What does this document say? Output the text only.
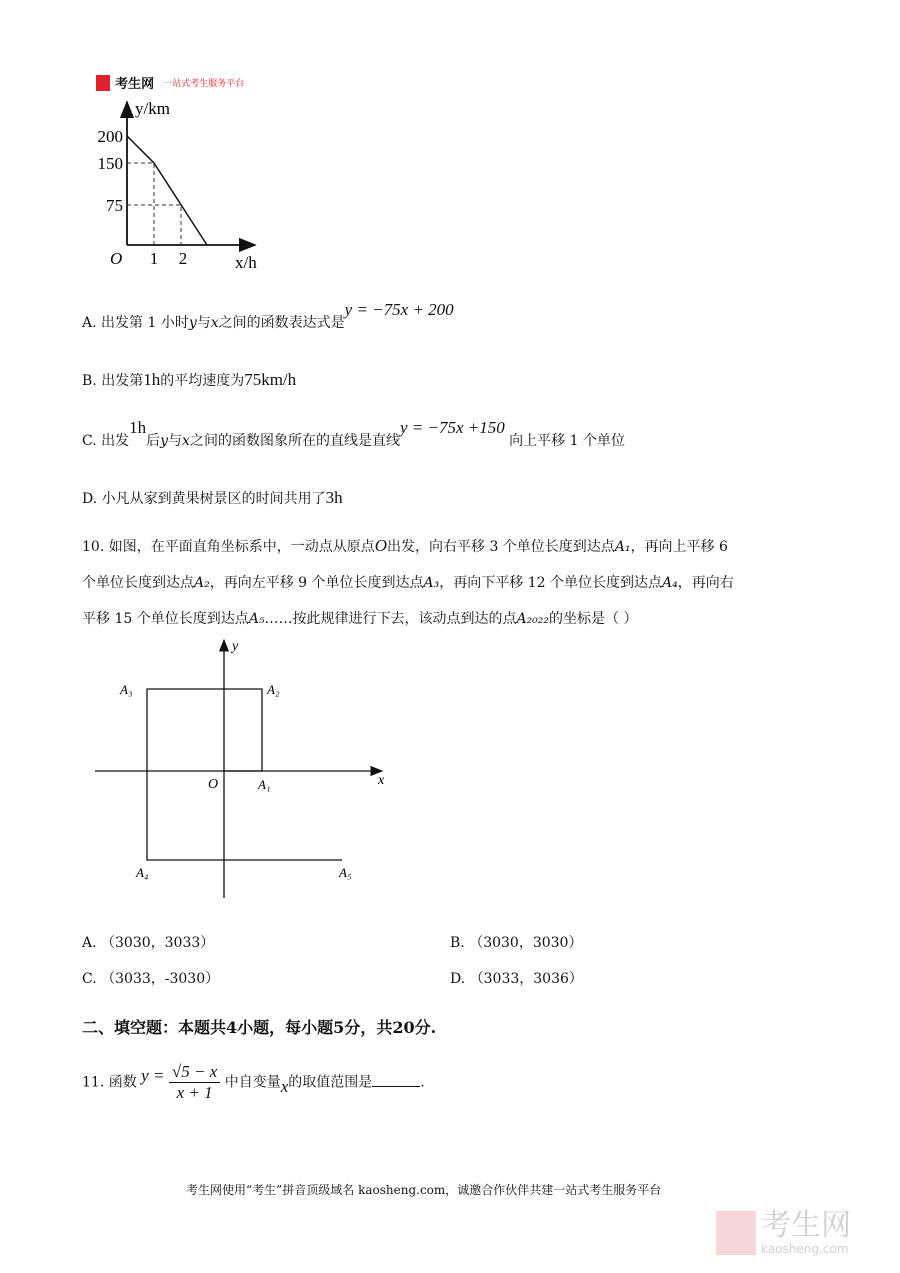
考生网 一站式考生服务平台
y/km
200
150
75
O 1 2	x/h
A. 出发第 1 小时y与x之间的函数表达式是y = −75x + 200
B. 出发第1h的平均速度为75km/h
C. 出发1h后y与x之间的函数图象所在的直线是直线y = −75x +150 向上平移 1 个单位
D. 小凡从家到黄果树景区的时间共用了3h
10. 如图，在平面直角坐标系中，一动点从原点O出发，向右平移 3 个单位长度到达点A₁，再向上平移 6
个单位长度到达点A₂，再向左平移 9 个单位长度到达点A₃，再向下平移 12 个单位长度到达点A₄，再向右
平移 15 个单位长度到达点A₅……按此规律进行下去，该动点到达的点A₂₀₂₂的坐标是（ ）
y
x
O	A₁
A₂
A₃
A₄	A₅
A. （3030，3033）	B. （3030，3030）
C. （3033，-3030）	D. （3033，3036）
二、填空题：本题共4小题，每小题5分，共20分.
11. 函数 $y = \frac{√5 - x}{x + 1}$ 中自变量x的取值范围是	.
考生网使用“考生”拼音顶级域名 kaosheng.com，诚邀合作伙伴共建一站式考生服务平台

考生网
kaosheng.com
